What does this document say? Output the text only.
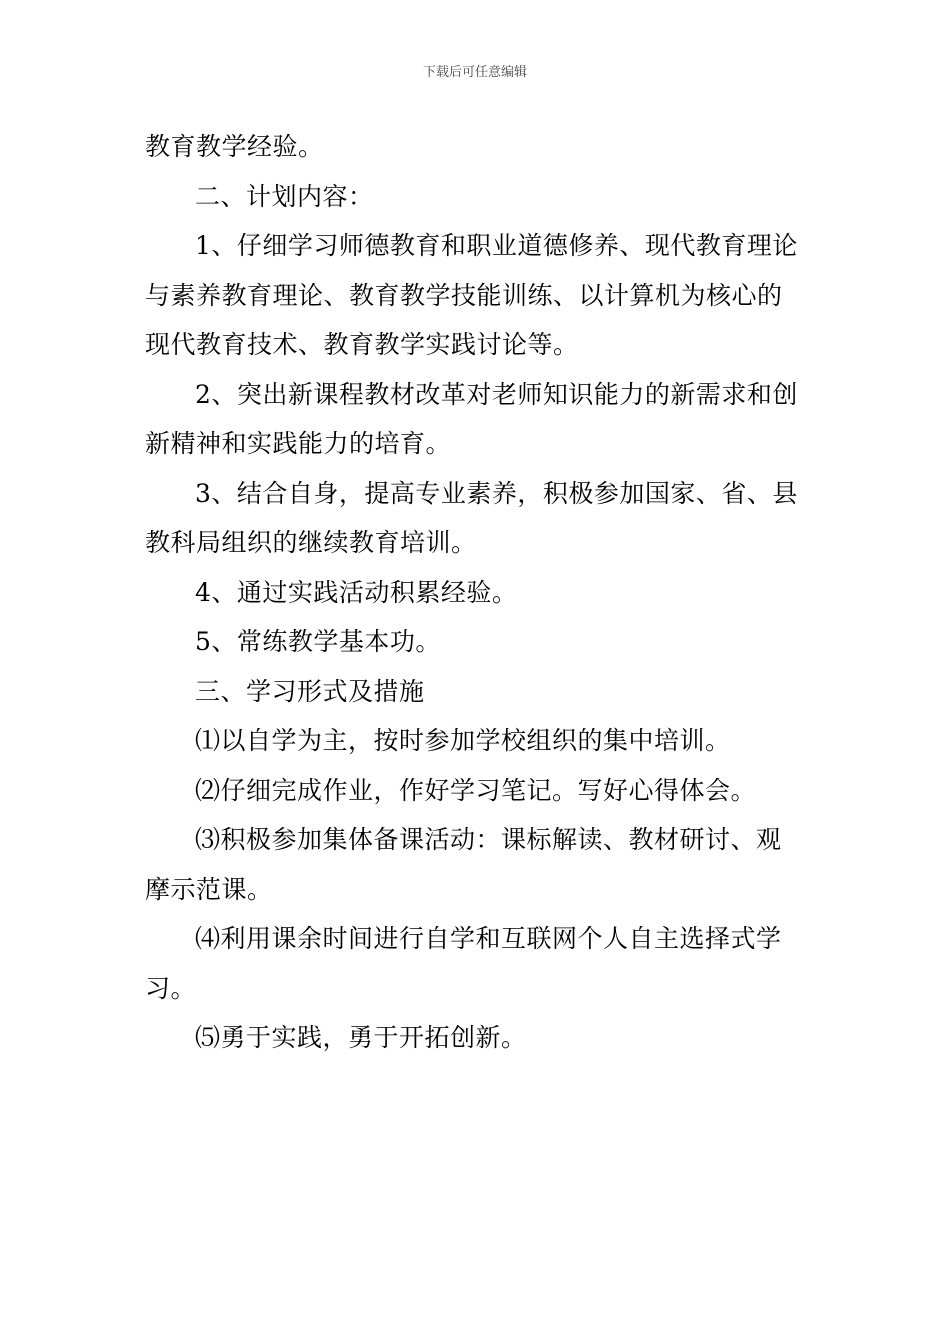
下载后可任意编辑
教育教学经验。
二、计划内容：
1、仔细学习师德教育和职业道德修养、现代教育理论
与素养教育理论、教育教学技能训练、以计算机为核心的
现代教育技术、教育教学实践讨论等。
2、突出新课程教材改革对老师知识能力的新需求和创
新精神和实践能力的培育。
3、结合自身，提高专业素养，积极参加国家、省、县
教科局组织的继续教育培训。
4、通过实践活动积累经验。
5、常练教学基本功。
三、学习形式及措施
⑴以自学为主，按时参加学校组织的集中培训。
⑵仔细完成作业，作好学习笔记。写好心得体会。
⑶积极参加集体备课活动：课标解读、教材研讨、观
摩示范课。
⑷利用课余时间进行自学和互联网个人自主选择式学
习。
⑸勇于实践，勇于开拓创新。
